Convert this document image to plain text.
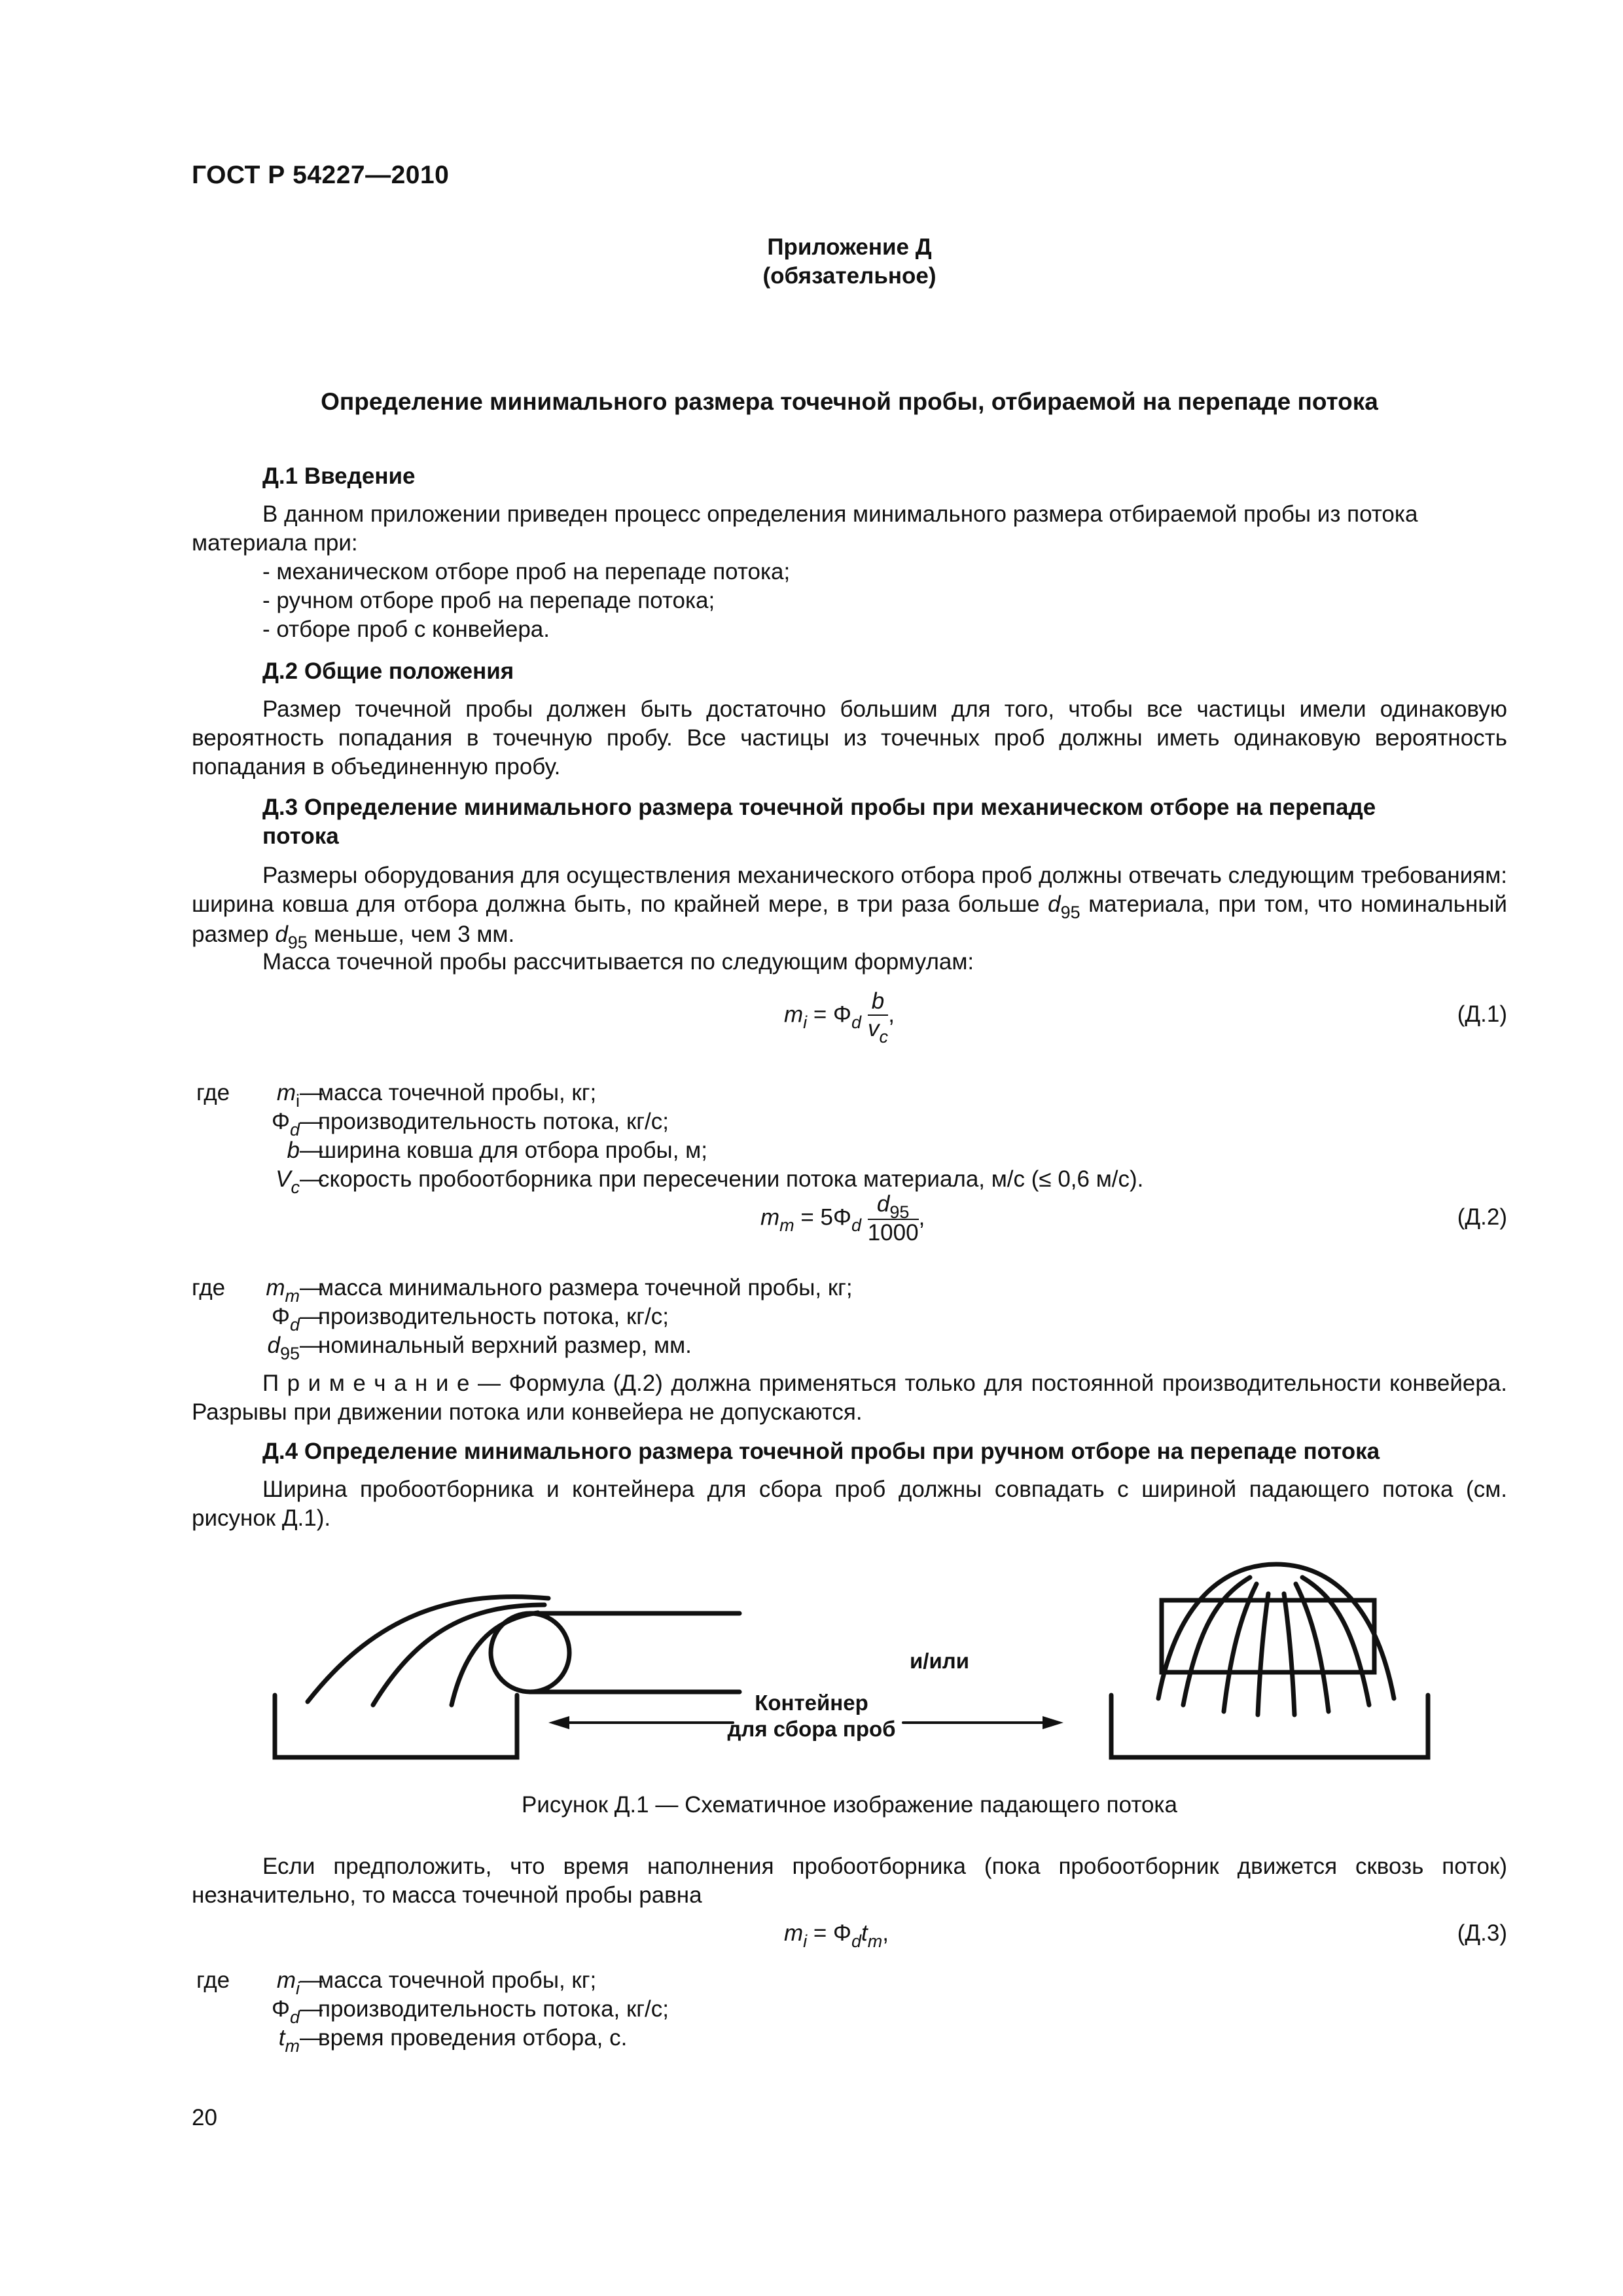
ГОСТ Р 54227—2010
Приложение Д
(обязательное)
Определение минимального размера точечной пробы, отбираемой на перепаде потока
Д.1 Введение
В данном приложении приведен процесс определения минимального размера отбираемой пробы из потока
материала при:
- механическом отборе проб на перепаде потока;
- ручном отборе проб на перепаде потока;
- отборе проб с конвейера.
Д.2 Общие положения
Размер точечной пробы должен быть достаточно большим для того, чтобы все частицы имели одинаковую вероятность попадания в точечную пробу. Все частицы из точечных проб должны иметь одинаковую вероятность попадания в объединенную пробу.
Д.3 Определение минимального размера точечной пробы при механическом отборе на перепаде
потока
Размеры оборудования для осуществления механического отбора проб должны отвечать следующим требованиям: ширина ковша для отбора должна быть, по крайней мере, в три раза больше $d_{95}$ материала, при том, что номинальный размер $d_{95}$ меньше, чем 3 мм.
Масса точечной пробы рассчитывается по следующим формулам:
$m_i = \Phi_d \frac{b}{v_c}$ ,	(Д.1)
где $m_i$ —
масса точечной пробы, кг;
$\Phi_d$ —
производительность потока, кг/с;
b —
ширина ковша для отбора пробы, м;
$V_c$ —
скорость пробоотборника при пересечении потока материала, м/с (≤ 0,6 м/с).
$m_m = 5\Phi_d \frac{d_{95}}{1000}$ ,	(Д.2)
где $m_m$ —
масса минимального размера точечной пробы, кг;
$\Phi_d$ —
производительность потока, кг/с;
$d_{95}$ —
номинальный верхний размер, мм.
П р и м е ч а н и е — Формула (Д.2) должна применяться только для постоянной производительности конвейера. Разрывы при движении потока или конвейера не допускаются.
Д.4 Определение минимального размера точечной пробы при ручном отборе на перепаде потока
Ширина пробоотборника и контейнера для сбора проб должны совпадать с шириной падающего потока (см. рисунок Д.1).
и/или
Контейнер
для сбора проб
Рисунок Д.1 — Схематичное изображение падающего потока
Если предположить, что время наполнения пробоотборника (пока пробоотборник движется сквозь поток) незначительно, то масса точечной пробы равна
$m_i = \Phi_dt_m$,	(Д.3)
где $m_i$ —
масса точечной пробы, кг;
$\Phi_d$ —
производительность потока, кг/с;
$t_m$ —
время проведения отбора, с.
20
